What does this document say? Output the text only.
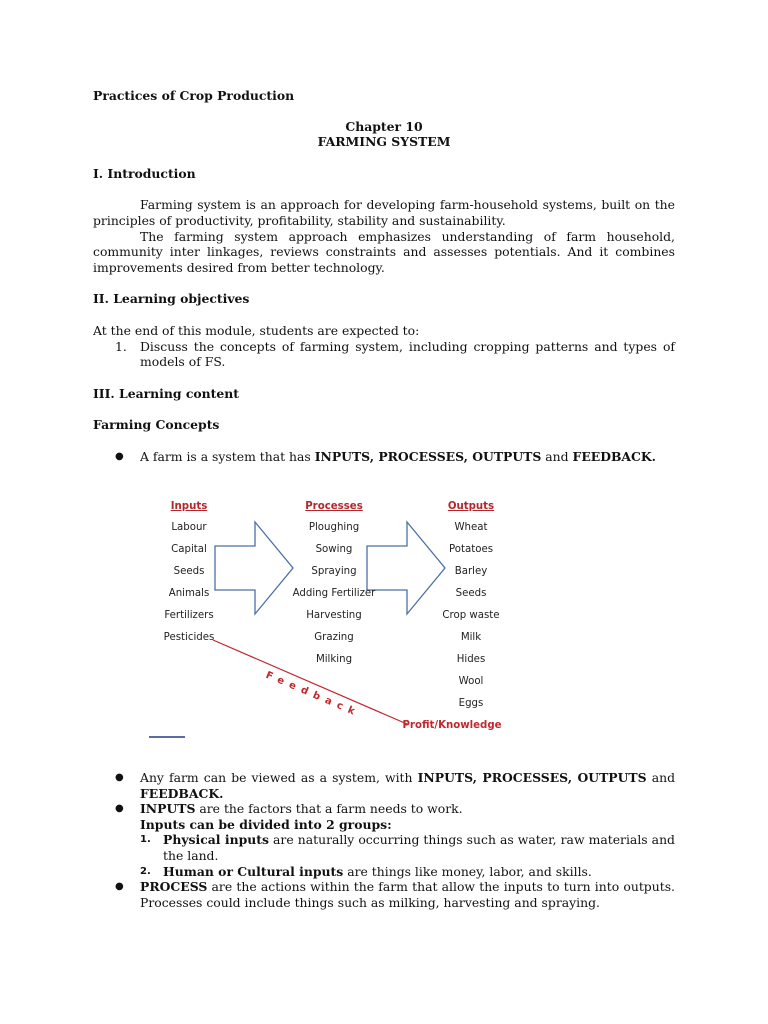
Practices of Crop Production

Chapter 10

FARMING SYSTEM

I. Introduction

Farming system is an approach for developing farm-household systems, built on the principles of productivity, profitability, stability and sustainability.

The farming system approach emphasizes understanding of farm household, community inter linkages, reviews constraints and assesses potentials. And it combines improvements desired from better technology.

II. Learning objectives

At the end of this module, students are expected to:

1. Discuss the concepts of farming system, including cropping patterns and types of models of FS.

III. Learning content

Farming Concepts

● A farm is a system that has INPUTS, PROCESSES, OUTPUTS and FEEDBACK.
Inputs	Processes	Outputs
Labour
Capital
Seeds
Animals
Fertilizers
Pesticides
Ploughing
Sowing
Spraying
Adding Fertilizer
Harvesting
Grazing
Milking
Wheat
Potatoes
Barley
Seeds
Crop waste
Milk
Hides
Wool
Eggs
Feedback
Profit/Knowledge
● Any farm can be viewed as a system, with INPUTS, PROCESSES, OUTPUTS and FEEDBACK.
● INPUTS are the factors that a farm needs to work.

Inputs can be divided into 2 groups:

1. Physical inputs are naturally occurring things such as water, raw materials and the land.
2. Human or Cultural inputs are things like money, labor, and skills.
● PROCESS are the actions within the farm that allow the inputs to turn into outputs. Processes could include things such as milking, harvesting and spraying.
